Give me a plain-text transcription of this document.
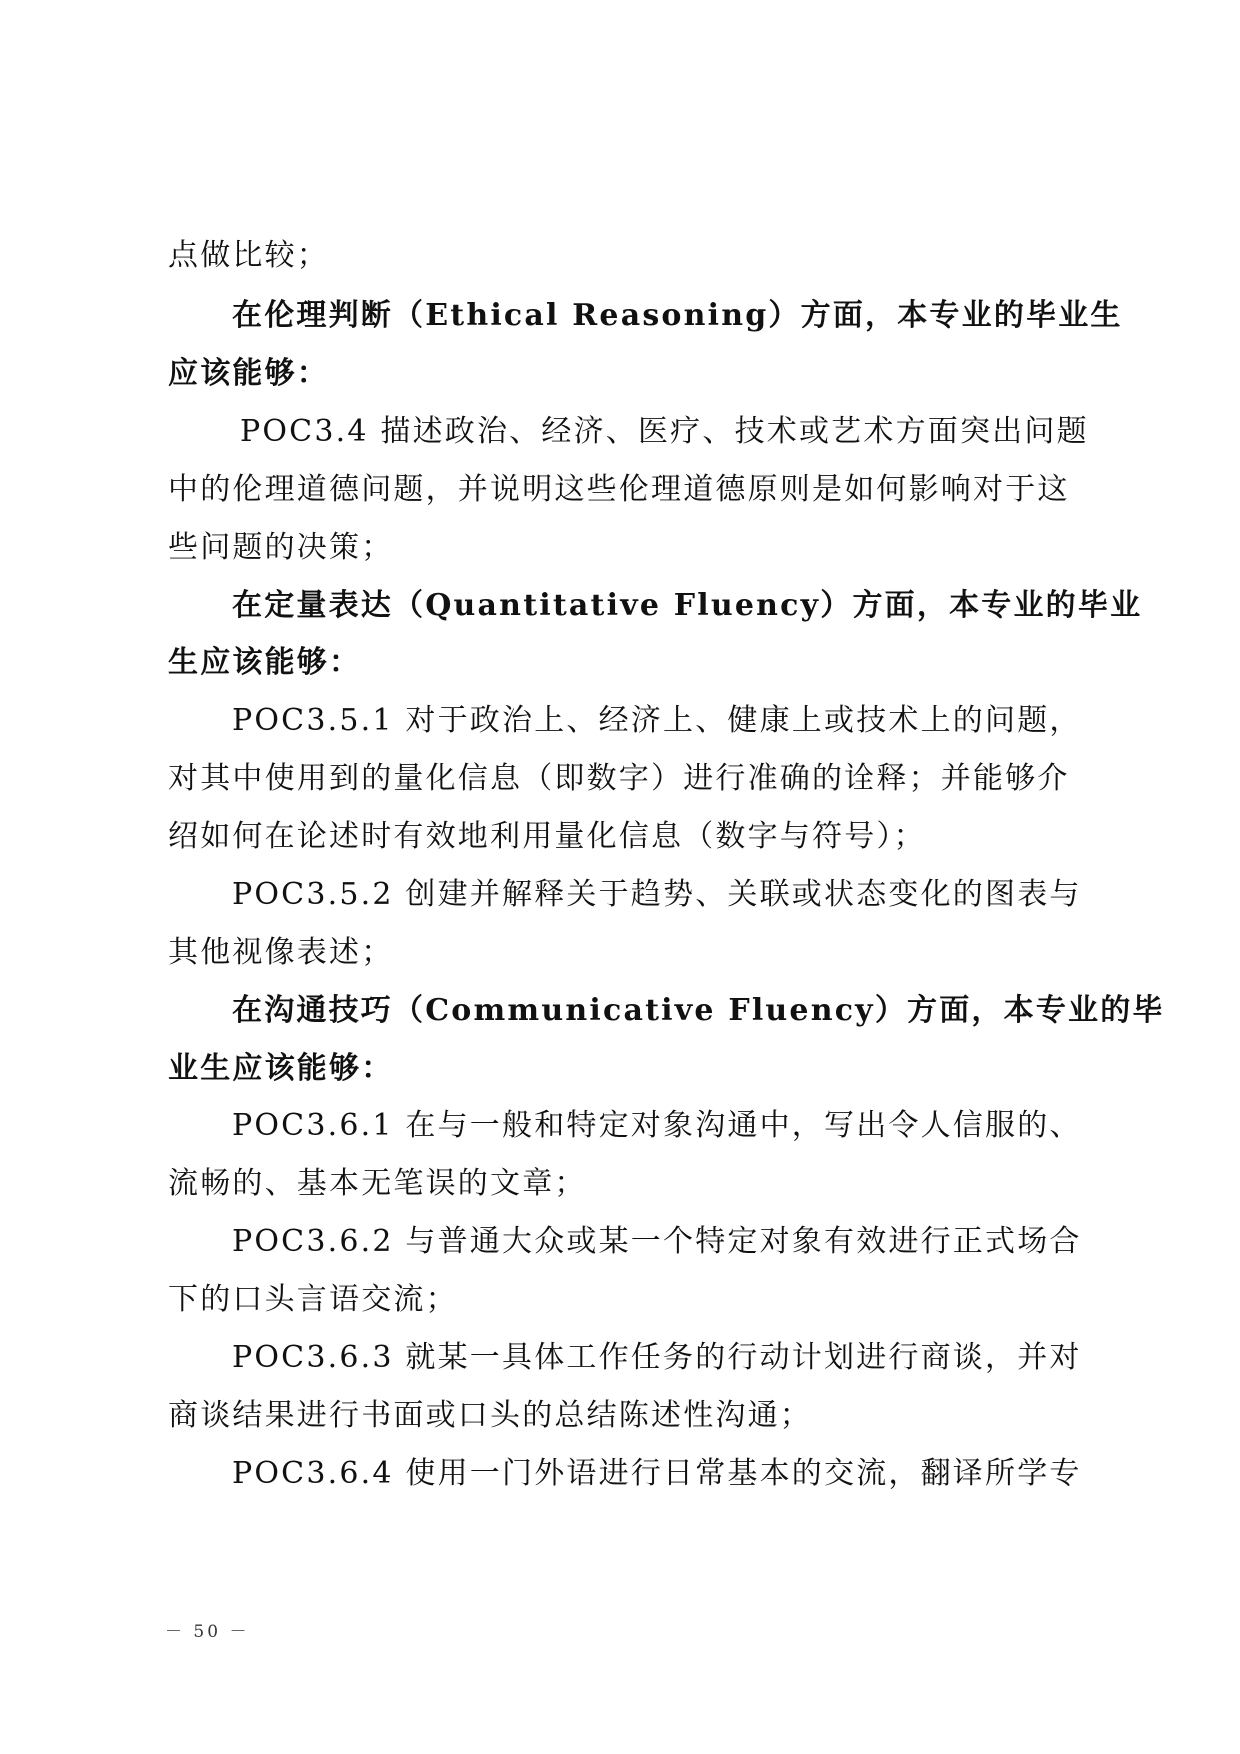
点做比较；
在伦理判断（Ethical Reasoning）方面，本专业的毕业生
应该能够：
POC3.4 描述政治、经济、医疗、技术或艺术方面突出问题
中的伦理道德问题，并说明这些伦理道德原则是如何影响对于这
些问题的决策；
在定量表达（Quantitative Fluency）方面，本专业的毕业
生应该能够：
POC3.5.1 对于政治上、经济上、健康上或技术上的问题，
对其中使用到的量化信息（即数字）进行准确的诠释；并能够介
绍如何在论述时有效地利用量化信息（数字与符号）；
POC3.5.2 创建并解释关于趋势、关联或状态变化的图表与
其他视像表述；
在沟通技巧（Communicative Fluency）方面，本专业的毕
业生应该能够：
POC3.6.1 在与一般和特定对象沟通中，写出令人信服的、
流畅的、基本无笔误的文章；
POC3.6.2 与普通大众或某一个特定对象有效进行正式场合
下的口头言语交流；
POC3.6.3 就某一具体工作任务的行动计划进行商谈，并对
商谈结果进行书面或口头的总结陈述性沟通；
POC3.6.4 使用一门外语进行日常基本的交流，翻译所学专
－ 50 －
